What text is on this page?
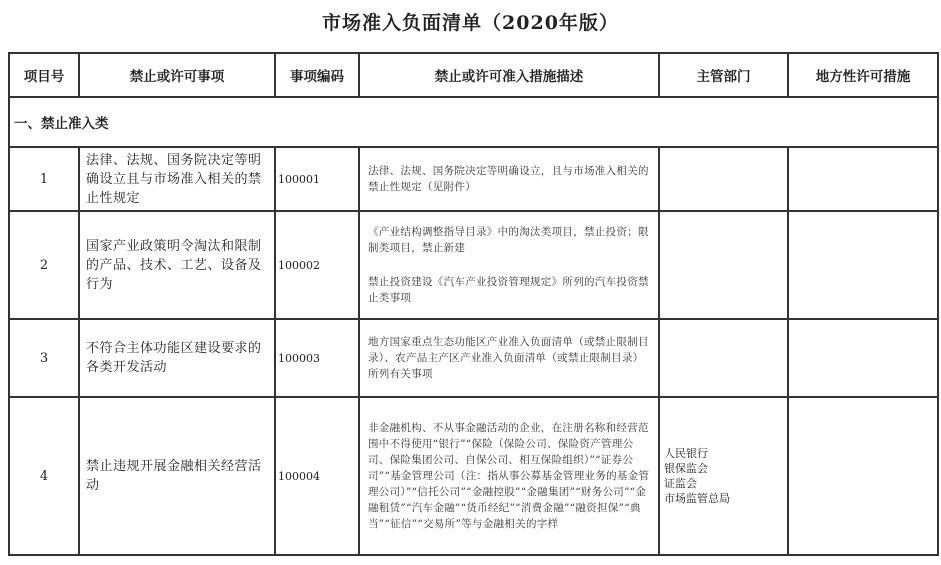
市场准入负面清单（2020年版）
项目号	禁止或许可事项	事项编码	禁止或许可准入措施描述	主管部门	地方性许可措施
一、禁止准入类					
1	法律、法规、国务院决定等明确设立且与市场准入相关的禁止性规定	100001	法律、法规、国务院决定等明确设立，且与市场准入相关的禁止性规定（见附件）		

2	国家产业政策明令淘汰和限制的产品、技术、工艺、设备及行为	100002	《产业结构调整指导目录》中的淘汰类项目，禁止投资；限制类项目，禁止新建
禁止投资建设《汽车产业投资管理规定》所列的汽车投资禁止类事项		

3	不符合主体功能区建设要求的各类开发活动	100003	地方国家重点生态功能区产业准入负面清单（或禁止限制目录）、农产品主产区产业准入负面清单（或禁止限制目录）所列有关事项		

4	禁止违规开展金融相关经营活动	100004	非金融机构、不从事金融活动的企业，在注册名称和经营范围中不得使用“银行”“保险（保险公司、保险资产管理公司、保险集团公司、自保公司、相互保险组织）”“证券公司”“基金管理公司（注：指从事公募基金管理业务的基金管理公司）”“信托公司”“金融控股”“金融集团”“财务公司”“金融租赁”“汽车金融”“货币经纪”“消费金融”“融资担保”“典当”“征信”“交易所”等与金融相关的字样	人民银行
银保监会
证监会
市场监管总局	
